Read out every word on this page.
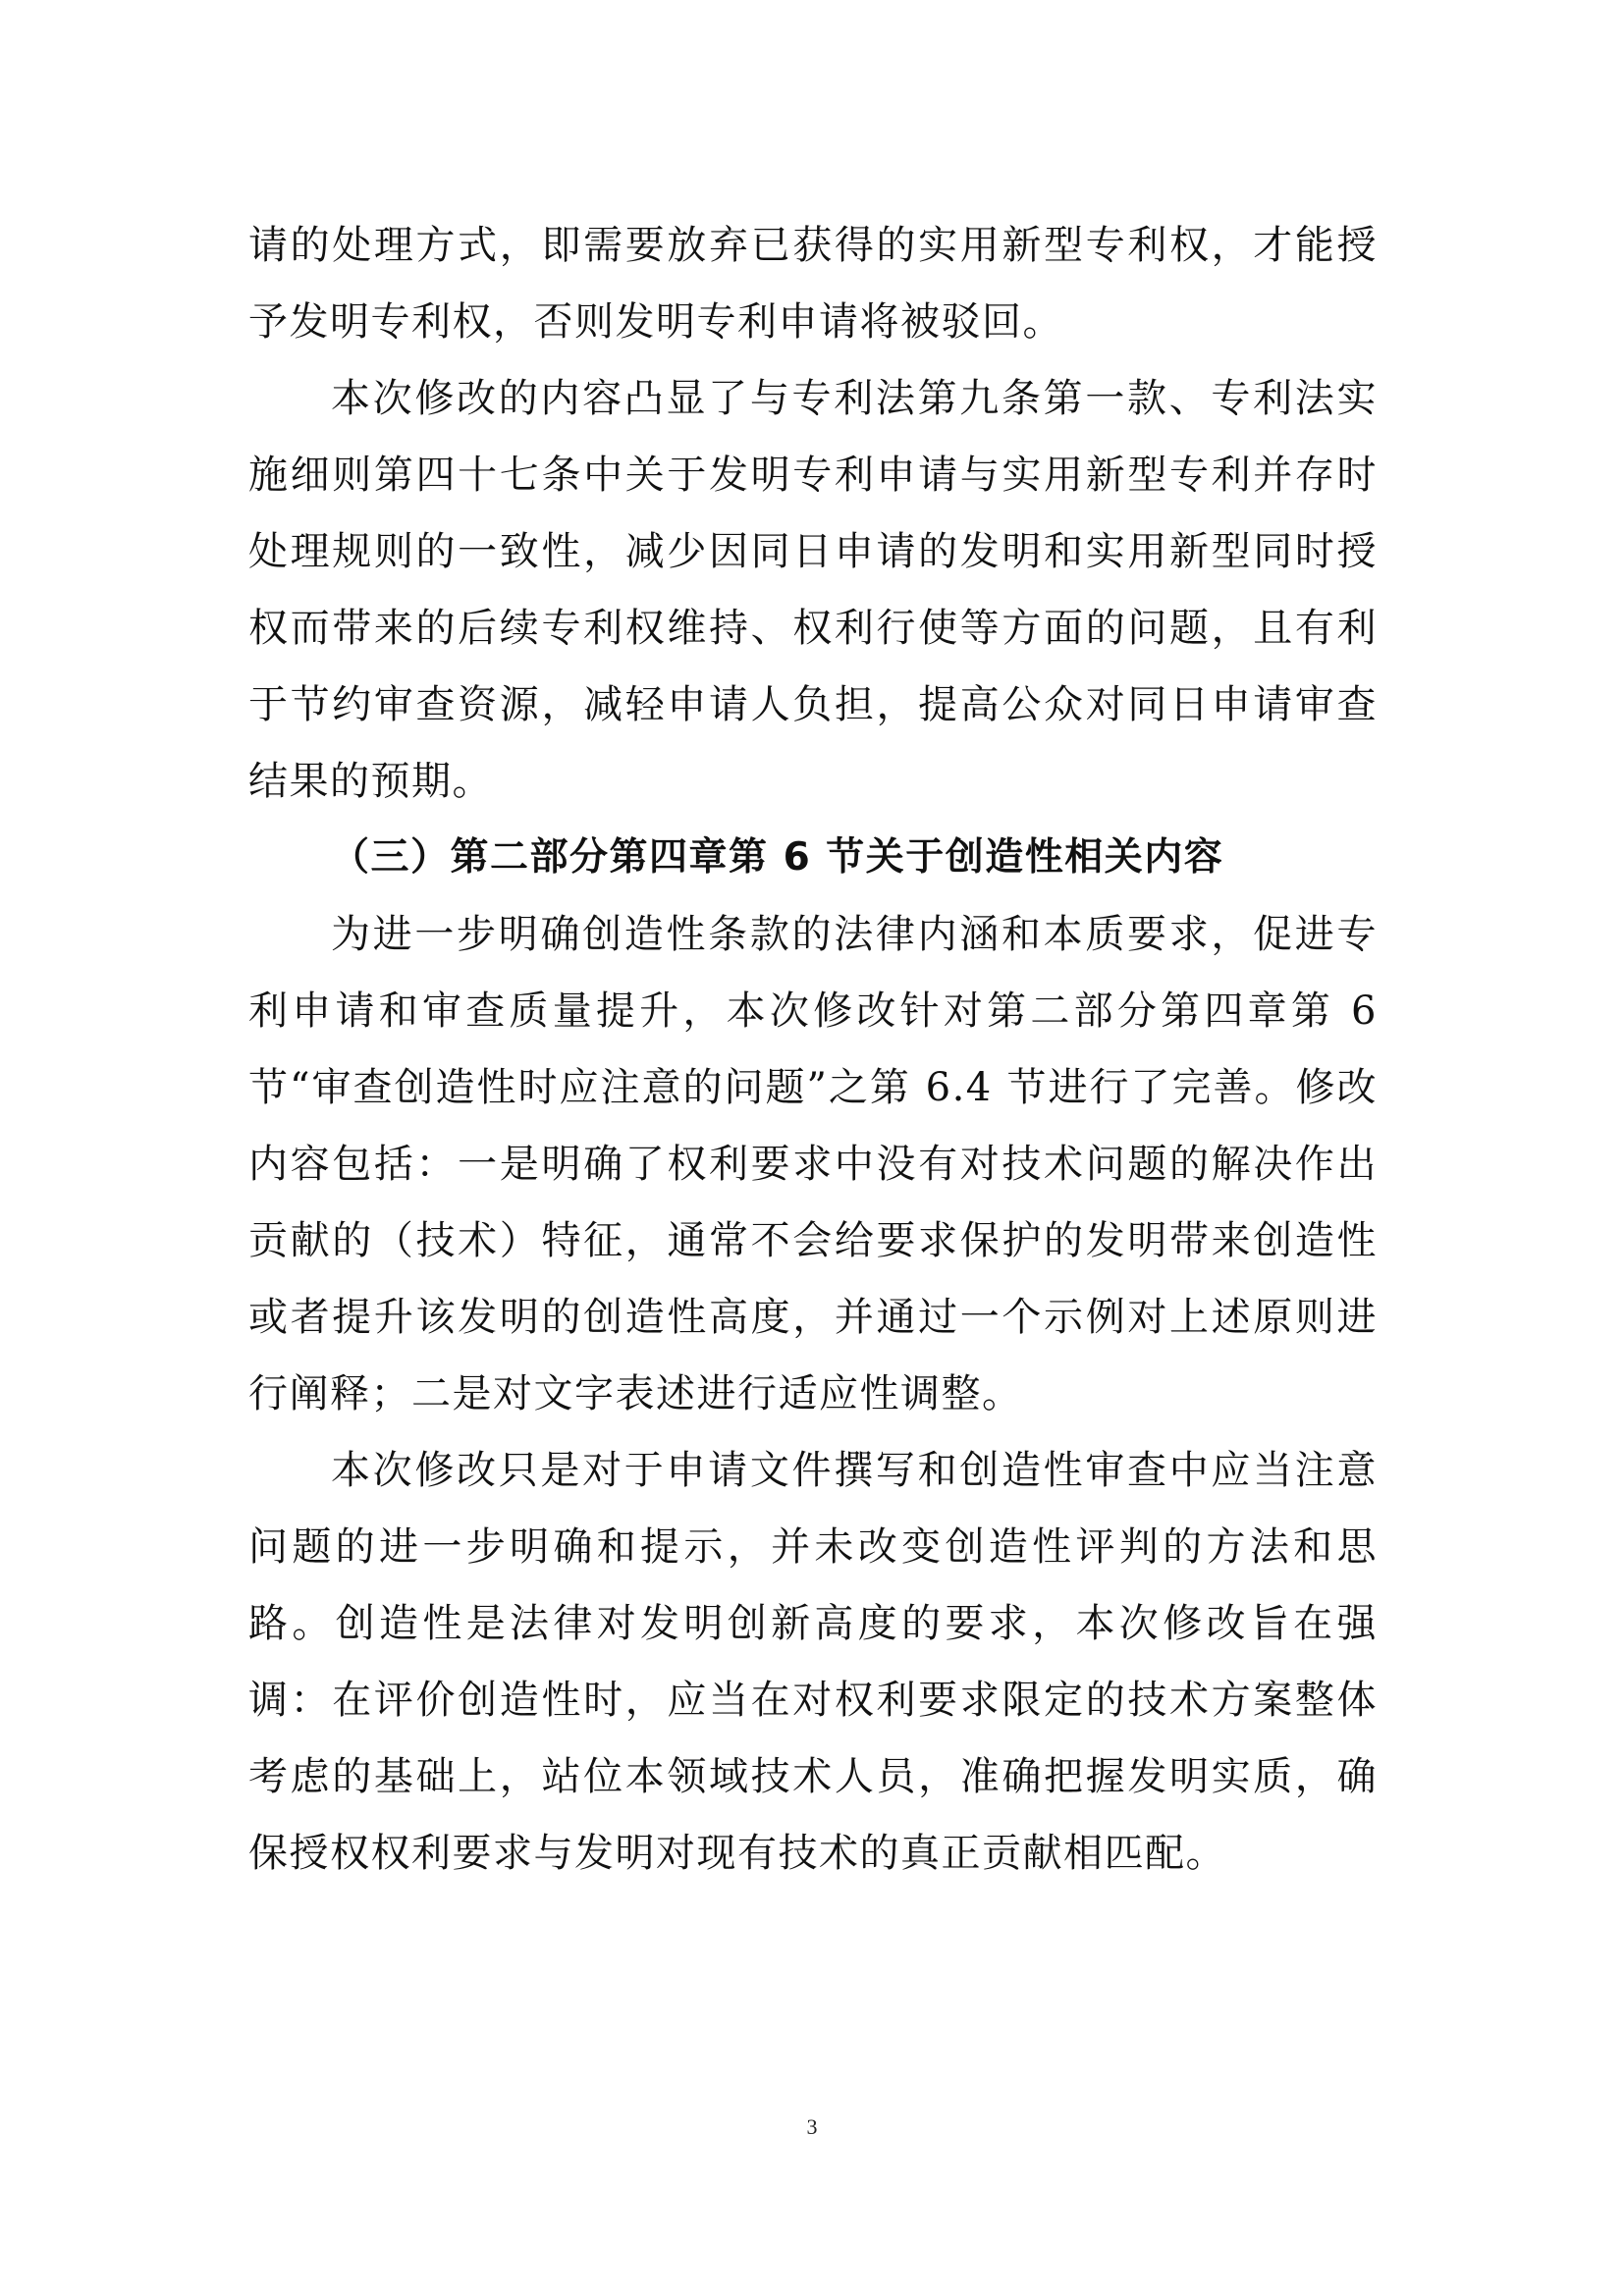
请的处理方式，即需要放弃已获得的实用新型专利权，才能授予发明专利权，否则发明专利申请将被驳回。

本次修改的内容凸显了与专利法第九条第一款、专利法实施细则第四十七条中关于发明专利申请与实用新型专利并存时处理规则的一致性，减少因同日申请的发明和实用新型同时授权而带来的后续专利权维持、权利行使等方面的问题，且有利于节约审查资源，减轻申请人负担，提高公众对同日申请审查结果的预期。

（三）第二部分第四章第 6 节关于创造性相关内容

为进一步明确创造性条款的法律内涵和本质要求，促进专利申请和审查质量提升，本次修改针对第二部分第四章第 6 节“审查创造性时应注意的问题”之第 6.4 节进行了完善。修改内容包括：一是明确了权利要求中没有对技术问题的解决作出贡献的（技术）特征，通常不会给要求保护的发明带来创造性或者提升该发明的创造性高度，并通过一个示例对上述原则进行阐释；二是对文字表述进行适应性调整。

本次修改只是对于申请文件撰写和创造性审查中应当注意问题的进一步明确和提示，并未改变创造性评判的方法和思路。创造性是法律对发明创新高度的要求，本次修改旨在强调：在评价创造性时，应当在对权利要求限定的技术方案整体考虑的基础上，站位本领域技术人员，准确把握发明实质，确保授权权利要求与发明对现有技术的真正贡献相匹配。

3
